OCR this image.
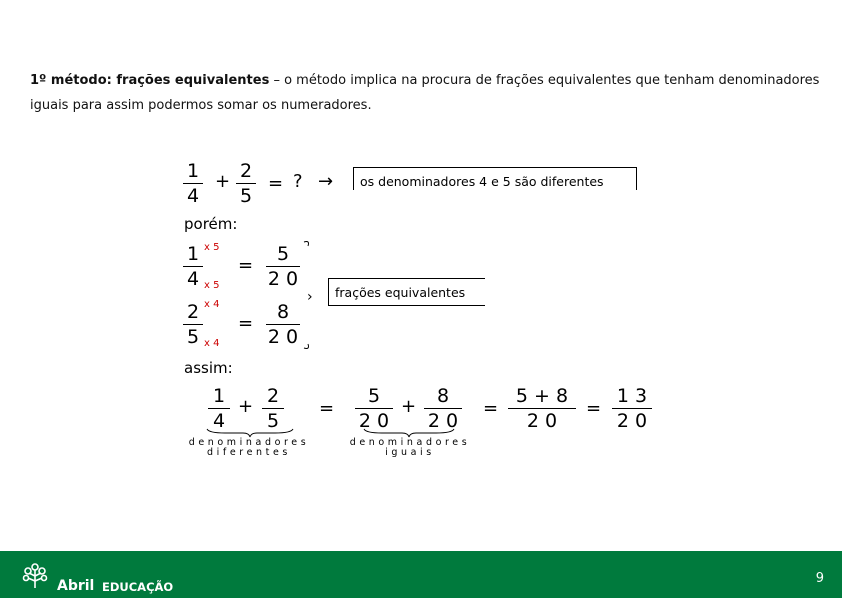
1º método: frações equivalentes – o método implica na procura de frações equivalentes que tenham denominadores iguais para assim podermos somar os numeradores.
1
4
+ 2
5
= ? →	os denominadores 4 e 5 são diferentes
porém:
1
4
x 5
x 5
=
5
2 0
2
5
x 4
x 4
=
8
2 0
›	frações equivalentes
assim:
1
4
+ 2
5
=
5
2 0
+	8
2 0
=
5 + 8
2 0
=
1 3
2 0
denominadores
diferentes
denominadores
iguais
Abril EDUCAÇÃO
9
